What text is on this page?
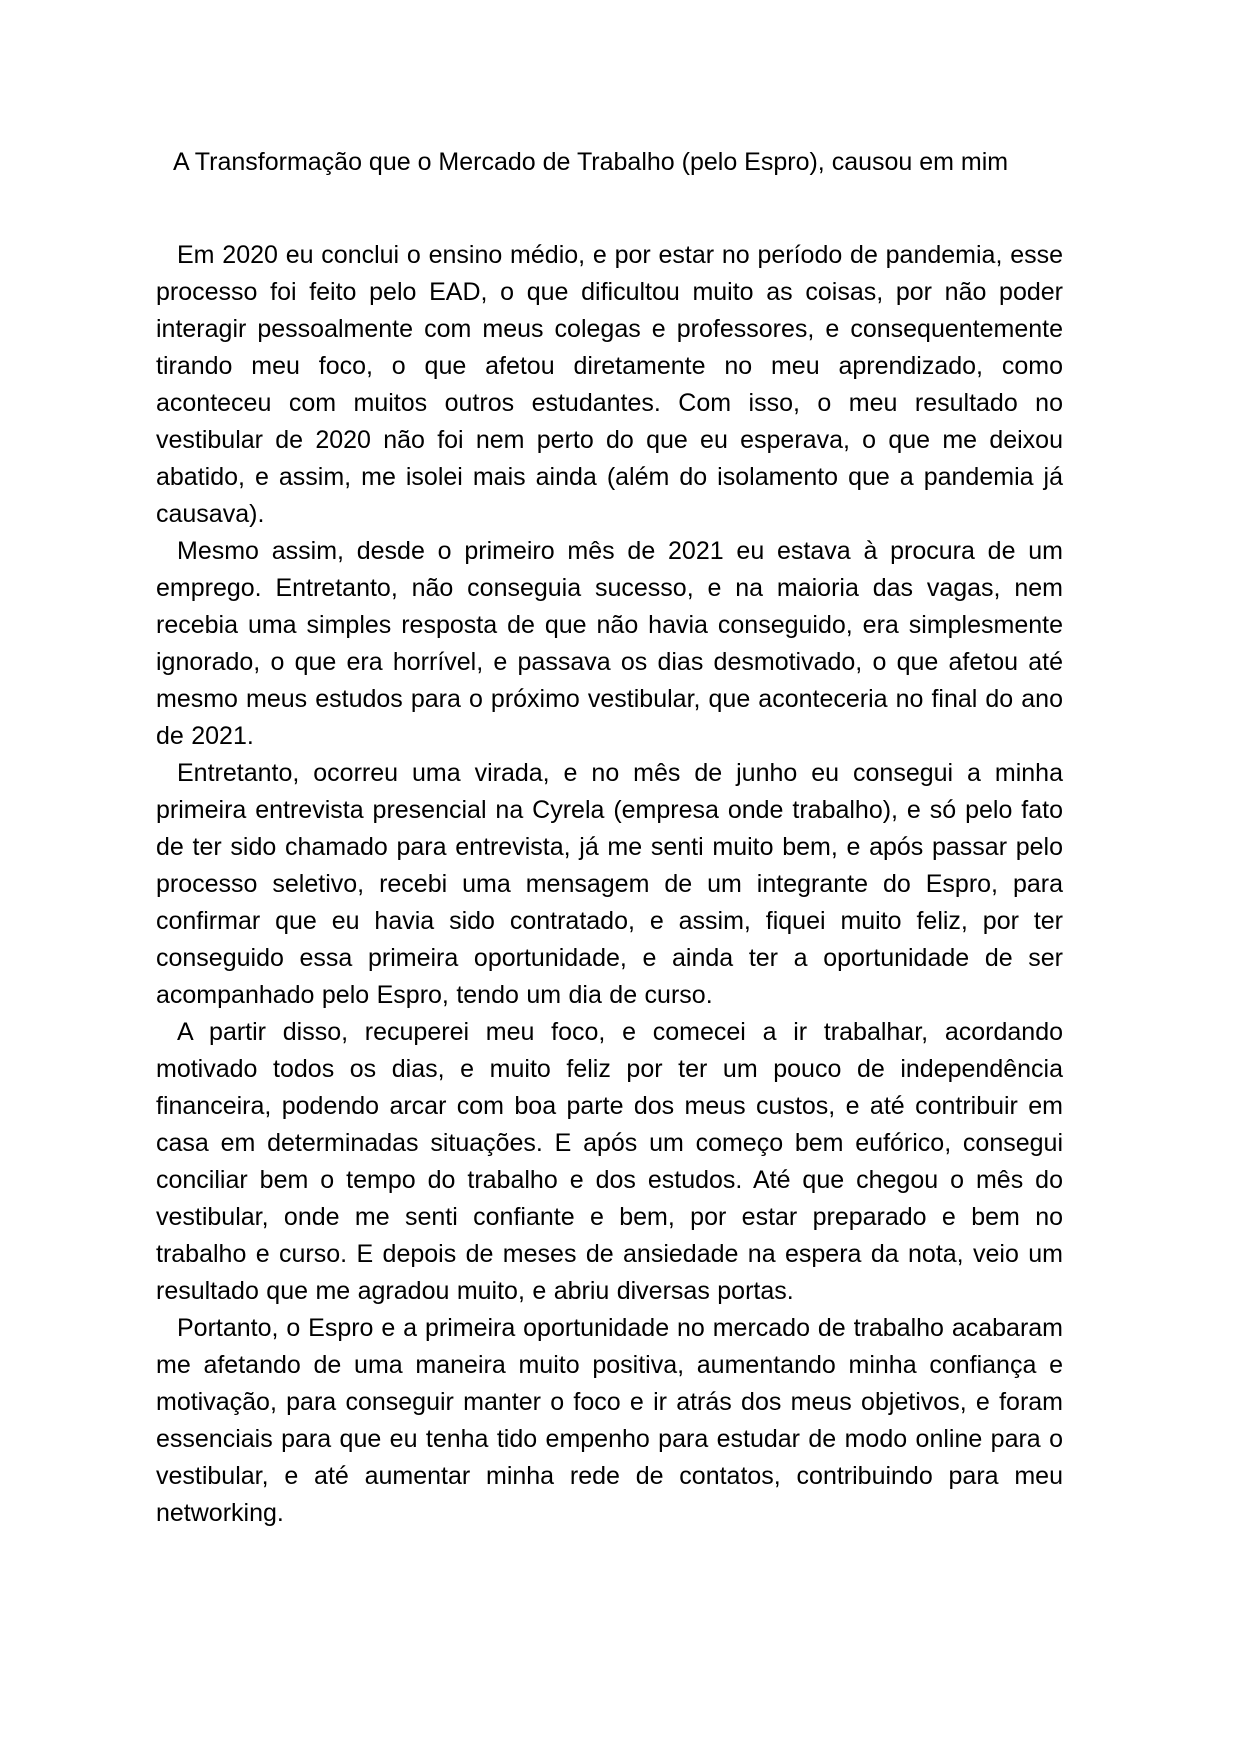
A Transformação que o Mercado de Trabalho (pelo Espro), causou em mim

Em 2020 eu conclui o ensino médio, e por estar no período de pandemia, esse processo foi feito pelo EAD, o que dificultou muito as coisas, por não poder interagir pessoalmente com meus colegas e professores, e consequentemente tirando meu foco, o que afetou diretamente no meu aprendizado, como aconteceu com muitos outros estudantes. Com isso, o meu resultado no vestibular de 2020 não foi nem perto do que eu esperava, o que me deixou abatido, e assim, me isolei mais ainda (além do isolamento que a pandemia já causava).

Mesmo assim, desde o primeiro mês de 2021 eu estava à procura de um emprego. Entretanto, não conseguia sucesso, e na maioria das vagas, nem recebia uma simples resposta de que não havia conseguido, era simplesmente ignorado, o que era horrível, e passava os dias desmotivado, o que afetou até mesmo meus estudos para o próximo vestibular, que aconteceria no final do ano de 2021.

Entretanto, ocorreu uma virada, e no mês de junho eu consegui a minha primeira entrevista presencial na Cyrela (empresa onde trabalho), e só pelo fato de ter sido chamado para entrevista, já me senti muito bem, e após passar pelo processo seletivo, recebi uma mensagem de um integrante do Espro, para confirmar que eu havia sido contratado, e assim, fiquei muito feliz, por ter conseguido essa primeira oportunidade, e ainda ter a oportunidade de ser acompanhado pelo Espro, tendo um dia de curso.

A partir disso, recuperei meu foco, e comecei a ir trabalhar, acordando motivado todos os dias, e muito feliz por ter um pouco de independência financeira, podendo arcar com boa parte dos meus custos, e até contribuir em casa em determinadas situações. E após um começo bem eufórico, consegui conciliar bem o tempo do trabalho e dos estudos. Até que chegou o mês do vestibular, onde me senti confiante e bem, por estar preparado e bem no trabalho e curso. E depois de meses de ansiedade na espera da nota, veio um resultado que me agradou muito, e abriu diversas portas.

Portanto, o Espro e a primeira oportunidade no mercado de trabalho acabaram me afetando de uma maneira muito positiva, aumentando minha confiança e motivação, para conseguir manter o foco e ir atrás dos meus objetivos, e foram essenciais para que eu tenha tido empenho para estudar de modo online para o vestibular, e até aumentar minha rede de contatos, contribuindo para meu networking.
